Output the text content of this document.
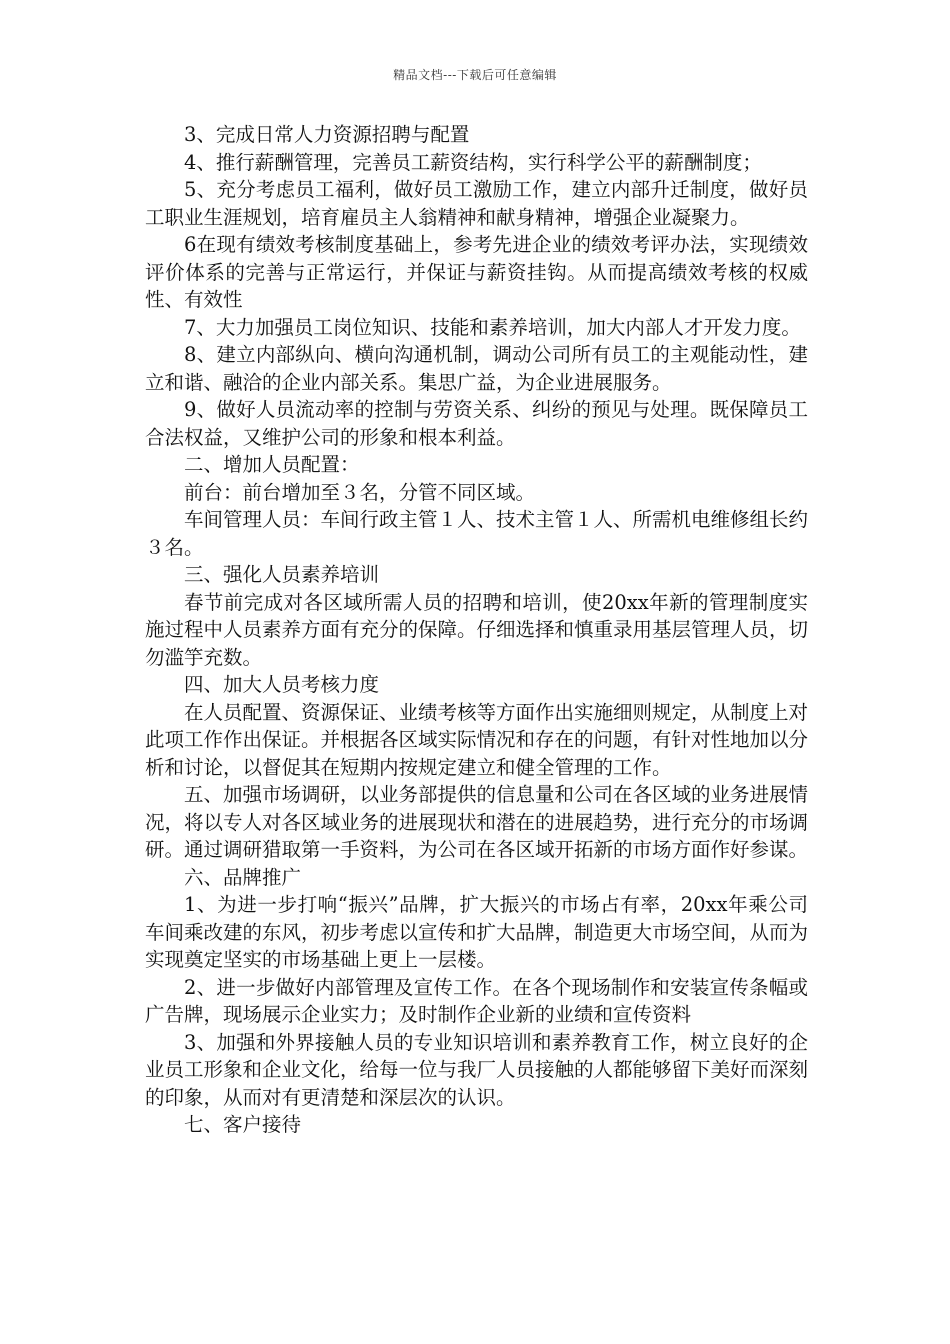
精品文档---下载后可任意编辑

3、完成日常人力资源招聘与配置

4、推行薪酬管理，完善员工薪资结构，实行科学公平的薪酬制度；

5、充分考虑员工福利，做好员工激励工作，建立内部升迁制度，做好员工职业生涯规划，培育雇员主人翁精神和献身精神，增强企业凝聚力。

6在现有绩效考核制度基础上，参考先进企业的绩效考评办法，实现绩效评价体系的完善与正常运行，并保证与薪资挂钩。从而提高绩效考核的权威性、有效性

7、大力加强员工岗位知识、技能和素养培训，加大内部人才开发力度。

8、建立内部纵向、横向沟通机制，调动公司所有员工的主观能动性，建立和谐、融洽的企业内部关系。集思广益，为企业进展服务。

9、做好人员流动率的控制与劳资关系、纠纷的预见与处理。既保障员工合法权益，又维护公司的形象和根本利益。

二、增加人员配置：

前台：前台增加至３名，分管不同区域。

车间管理人员：车间行政主管１人、技术主管１人、所需机电维修组长约３名。

三、强化人员素养培训

春节前完成对各区域所需人员的招聘和培训，使20xx年新的管理制度实施过程中人员素养方面有充分的保障。仔细选择和慎重录用基层管理人员，切勿滥竽充数。

四、加大人员考核力度

在人员配置、资源保证、业绩考核等方面作出实施细则规定，从制度上对此项工作作出保证。并根据各区域实际情况和存在的问题，有针对性地加以分析和讨论，以督促其在短期内按规定建立和健全管理的工作。

五、加强市场调研，以业务部提供的信息量和公司在各区域的业务进展情况，将以专人对各区域业务的进展现状和潜在的进展趋势，进行充分的市场调研。通过调研猎取第一手资料，为公司在各区域开拓新的市场方面作好参谋。

六、品牌推广

1、为进一步打响“振兴”品牌，扩大振兴的市场占有率，20xx年乘公司车间乘改建的东风，初步考虑以宣传和扩大品牌，制造更大市场空间，从而为实现奠定坚实的市场基础上更上一层楼。

2、进一步做好内部管理及宣传工作。在各个现场制作和安装宣传条幅或广告牌，现场展示企业实力；及时制作企业新的业绩和宣传资料

3、加强和外界接触人员的专业知识培训和素养教育工作，树立良好的企业员工形象和企业文化，给每一位与我厂人员接触的人都能够留下美好而深刻的印象，从而对有更清楚和深层次的认识。

七、客户接待
